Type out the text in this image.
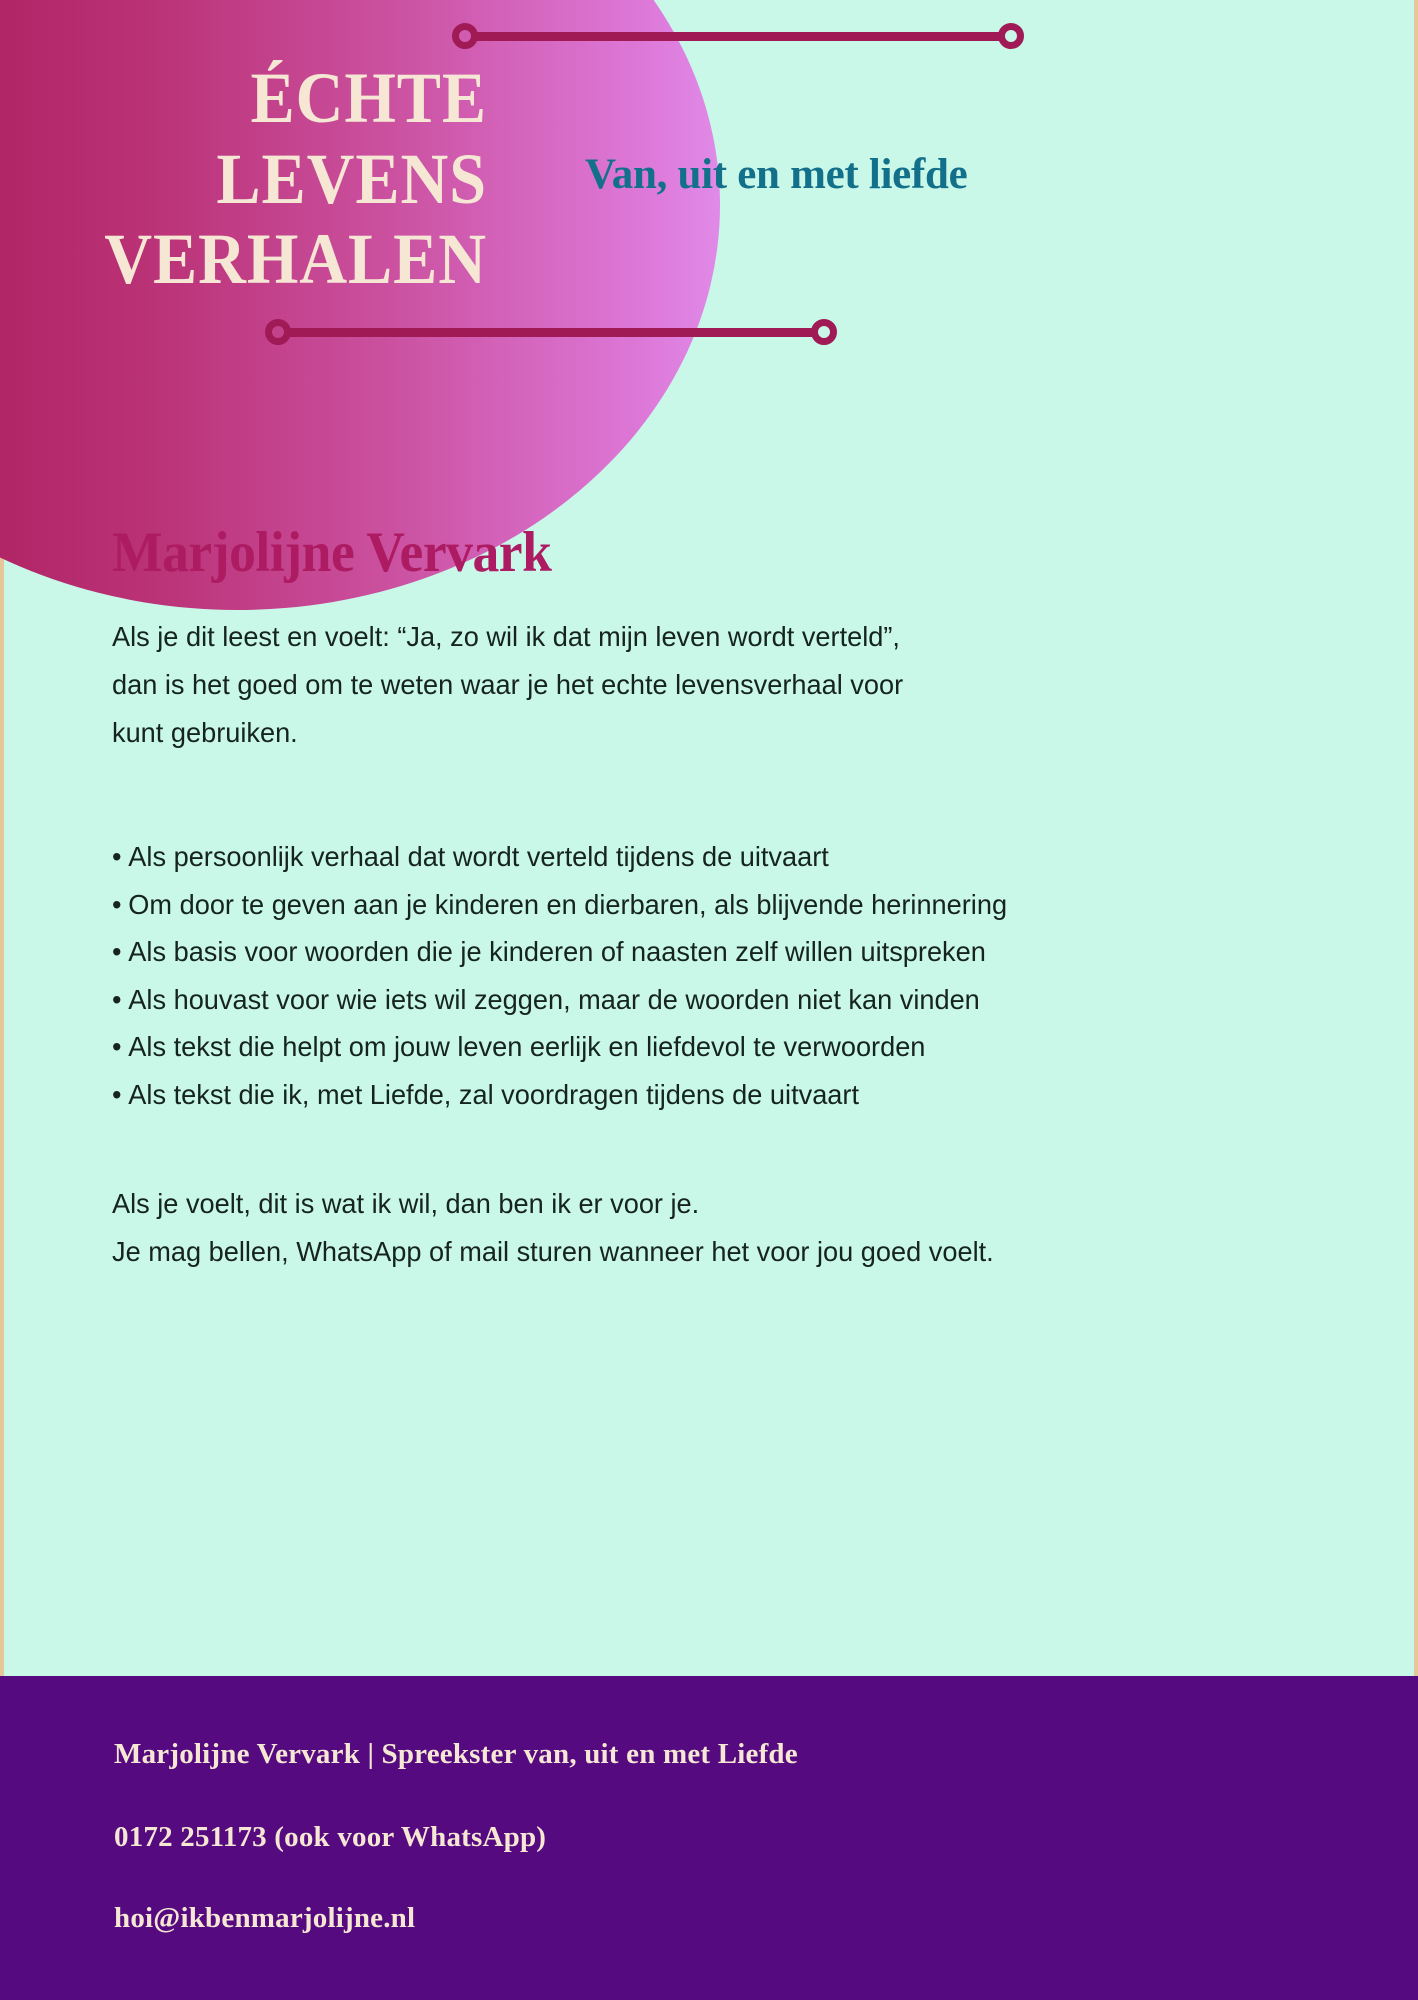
ÉCHTE
LEVENS
VERHALEN
Van, uit en met liefde
Marjolijne Vervark

Als je dit leest en voelt: “Ja, zo wil ik dat mijn leven wordt verteld”, dan is het goed om te weten waar je het echte levensverhaal voor kunt gebruiken.

• Als persoonlijk verhaal dat wordt verteld tijdens de uitvaart
• Om door te geven aan je kinderen en dierbaren, als blijvende herinnering
• Als basis voor woorden die je kinderen of naasten zelf willen uitspreken
• Als houvast voor wie iets wil zeggen, maar de woorden niet kan vinden
• Als tekst die helpt om jouw leven eerlijk en liefdevol te verwoorden
• Als tekst die ik, met Liefde, zal voordragen tijdens de uitvaart
Als je voelt, dit is wat ik wil, dan ben ik er voor je.
Je mag bellen, WhatsApp of mail sturen wanneer het voor jou goed voelt.
Marjolijne Vervark | Spreekster van, uit en met Liefde
0172 251173 (ook voor WhatsApp)
hoi@ikbenmarjolijne.nl
